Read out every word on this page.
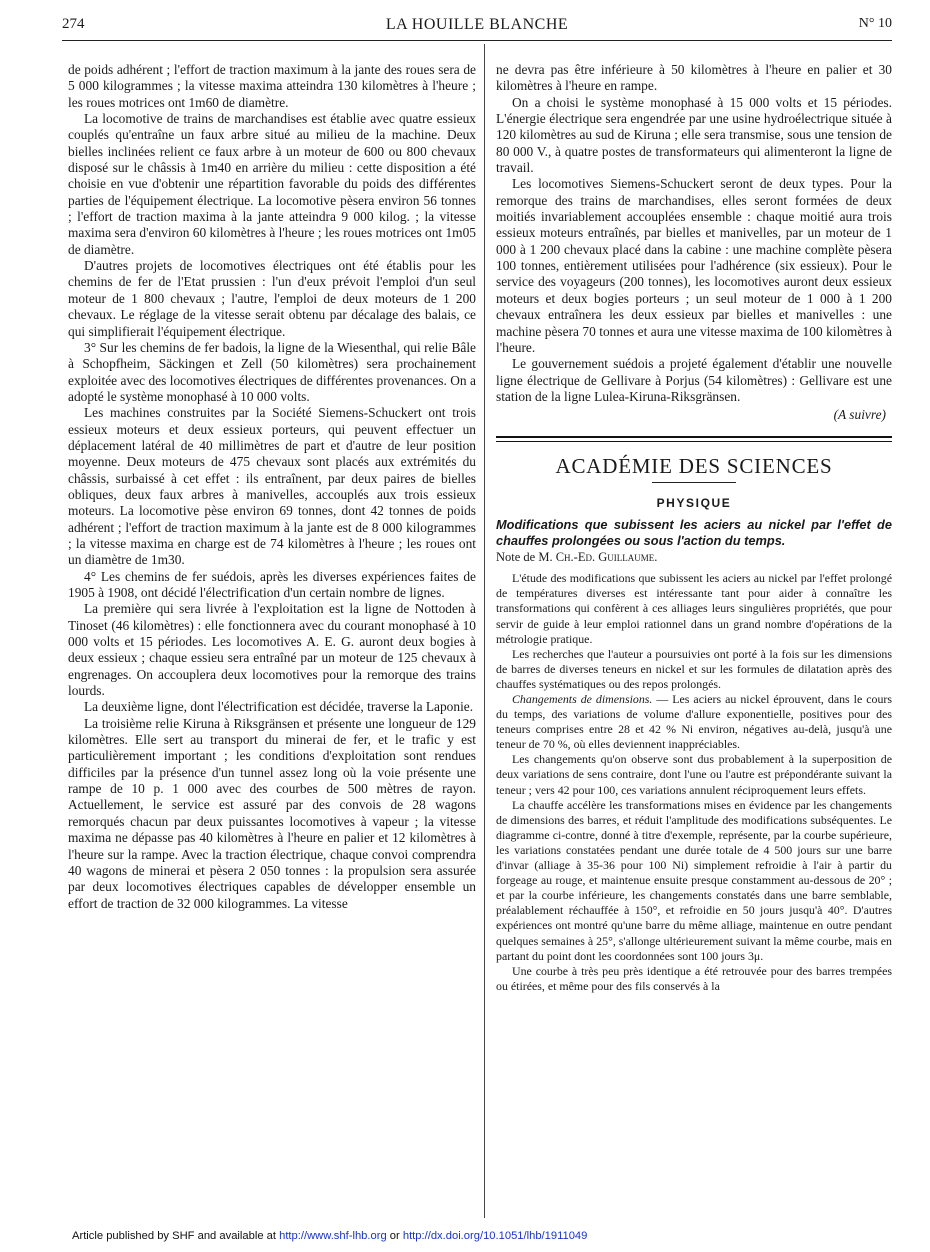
274	LA HOUILLE BLANCHE	N° 10

de poids adhérent ; l'effort de traction maximum à la jante des roues sera de 5 000 kilogrammes ; la vitesse maxima atteindra 130 kilomètres à l'heure ; les roues motrices ont 1m60 de diamètre.

La locomotive de trains de marchandises est établie avec quatre essieux couplés qu'entraîne un faux arbre situé au milieu de la machine. Deux bielles inclinées relient ce faux arbre à un moteur de 600 ou 800 chevaux disposé sur le châssis à 1m40 en arrière du milieu : cette disposition a été choisie en vue d'obtenir une répartition favorable du poids des différentes parties de l'équipement électrique. La locomotive pèsera environ 56 tonnes ; l'effort de traction maxima à la jante atteindra 9 000 kilog. ; la vitesse maxima sera d'environ 60 kilomètres à l'heure ; les roues motrices ont 1m05 de diamètre.

D'autres projets de locomotives électriques ont été établis pour les chemins de fer de l'Etat prussien : l'un d'eux prévoit l'emploi d'un seul moteur de 1 800 chevaux ; l'autre, l'emploi de deux moteurs de 1 200 chevaux. Le réglage de la vitesse serait obtenu par décalage des balais, ce qui simplifierait l'équipement électrique.

3° Sur les chemins de fer badois, la ligne de la Wiesenthal, qui relie Bâle à Schopfheim, Säckingen et Zell (50 kilomètres) sera prochainement exploitée avec des locomotives électriques de différentes provenances. On a adopté le système monophasé à 10 000 volts.

Les machines construites par la Société Siemens-Schuckert ont trois essieux moteurs et deux essieux porteurs, qui peuvent effectuer un déplacement latéral de 40 millimètres de part et d'autre de leur position moyenne. Deux moteurs de 475 chevaux sont placés aux extrémités du châssis, surbaissé à cet effet : ils entraînent, par deux paires de bielles obliques, deux faux arbres à manivelles, accouplés aux trois essieux moteurs. La locomotive pèse environ 69 tonnes, dont 42 tonnes de poids adhérent ; l'effort de traction maximum à la jante est de 8 000 kilogrammes ; la vitesse maxima en charge est de 74 kilomètres à l'heure ; les roues ont un diamètre de 1m30.

4° Les chemins de fer suédois, après les diverses expériences faites de 1905 à 1908, ont décidé l'électrification d'un certain nombre de lignes.

La première qui sera livrée à l'exploitation est la ligne de Nottoden à Tinoset (46 kilomètres) : elle fonctionnera avec du courant monophasé à 10 000 volts et 15 périodes. Les locomotives A. E. G. auront deux bogies à deux essieux ; chaque essieu sera entraîné par un moteur de 125 chevaux à engrenages. On accouplera deux locomotives pour la remorque des trains lourds.

La deuxième ligne, dont l'électrification est décidée, traverse la Laponie.

La troisième relie Kiruna à Riksgränsen et présente une longueur de 129 kilomètres. Elle sert au transport du minerai de fer, et le trafic y est particulièrement important ; les conditions d'exploitation sont rendues difficiles par la présence d'un tunnel assez long où la voie présente une rampe de 10 p. 1 000 avec des courbes de 500 mètres de rayon. Actuellement, le service est assuré par des convois de 28 wagons remorqués chacun par deux puissantes locomotives à vapeur ; la vitesse maxima ne dépasse pas 40 kilomètres à l'heure en palier et 12 kilomètres à l'heure sur la rampe. Avec la traction électrique, chaque convoi comprendra 40 wagons de minerai et pèsera 2 050 tonnes : la propulsion sera assurée par deux locomotives électriques capables de développer ensemble un effort de traction de 32 000 kilogrammes. La vitesse

ne devra pas être inférieure à 50 kilomètres à l'heure en palier et 30 kilomètres à l'heure en rampe.

On a choisi le système monophasé à 15 000 volts et 15 périodes. L'énergie électrique sera engendrée par une usine hydroélectrique située à 120 kilomètres au sud de Kiruna ; elle sera transmise, sous une tension de 80 000 V., à quatre postes de transformateurs qui alimenteront la ligne de travail.

Les locomotives Siemens-Schuckert seront de deux types. Pour la remorque des trains de marchandises, elles seront formées de deux moitiés invariablement accouplées ensemble : chaque moitié aura trois essieux moteurs entraînés, par bielles et manivelles, par un moteur de 1 000 à 1 200 chevaux placé dans la cabine : une machine complète pèsera 100 tonnes, entièrement utilisées pour l'adhérence (six essieux). Pour le service des voyageurs (200 tonnes), les locomotives auront deux essieux moteurs et deux bogies porteurs ; un seul moteur de 1 000 à 1 200 chevaux entraînera les deux essieux par bielles et manivelles : une machine pèsera 70 tonnes et aura une vitesse maxima de 100 kilomètres à l'heure.

Le gouvernement suédois a projeté également d'établir une nouvelle ligne électrique de Gellivare à Porjus (54 kilomètres) : Gellivare est une station de la ligne Lulea-Kiruna-Riksgränsen.

(A suivre)
ACADÉMIE DES SCIENCES
PHYSIQUE
Modifications que subissent les aciers au nickel par l'effet de chauffes prolongées ou sous l'action du temps.
Note de M. Ch.-Ed. Guillaume.

L'étude des modifications que subissent les aciers au nickel par l'effet prolongé de températures diverses est intéressante tant pour aider à connaître les transformations qui confèrent à ces alliages leurs singulières propriétés, que pour servir de guide à leur emploi rationnel dans un grand nombre d'opérations de la métrologie pratique.

Les recherches que l'auteur a poursuivies ont porté à la fois sur les dimensions de barres de diverses teneurs en nickel et sur les formules de dilatation après des chauffes systématiques ou des repos prolongés.

Changements de dimensions. — Les aciers au nickel éprouvent, dans le cours du temps, des variations de volume d'allure exponentielle, positives pour des teneurs comprises entre 28 et 42 % Ni environ, négatives au-delà, jusqu'à une teneur de 70 %, où elles deviennent inappréciables.

Les changements qu'on observe sont dus probablement à la superposition de deux variations de sens contraire, dont l'une ou l'autre est prépondérante suivant la teneur ; vers 42 pour 100, ces variations annulent réciproquement leurs effets.

La chauffe accélère les transformations mises en évidence par les changements de dimensions des barres, et réduit l'amplitude des modifications subséquentes. Le diagramme ci-contre, donné à titre d'exemple, représente, par la courbe supérieure, les variations constatées pendant une durée totale de 4 500 jours sur une barre d'invar (alliage à 35-36 pour 100 Ni) simplement refroidie à l'air à partir du forgeage au rouge, et maintenue ensuite presque constamment au-dessous de 20° ; et par la courbe inférieure, les changements constatés dans une barre semblable, préalablement réchauffée à 150°, et refroidie en 50 jours jusqu'à 40°. D'autres expériences ont montré qu'une barre du même alliage, maintenue en outre pendant quelques semaines à 25°, s'allonge ultérieurement suivant la même courbe, mais en partant du point dont les coordonnées sont 100 jours 3μ.

Une courbe à très peu près identique a été retrouvée pour des barres trempées ou étirées, et même pour des fils conservés à la

Article published by SHF and available at http://www.shf-lhb.org or http://dx.doi.org/10.1051/lhb/1911049
